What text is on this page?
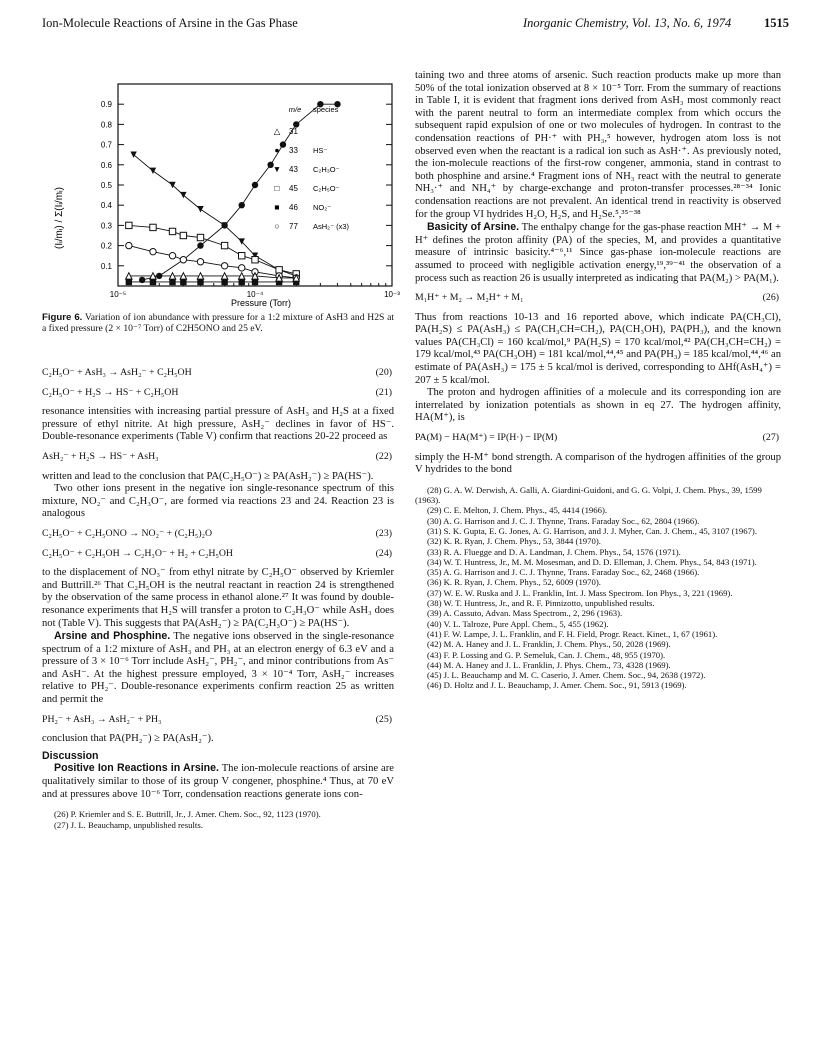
Ion-Molecule Reactions of Arsine in the Gas Phase	Inorganic Chemistry, Vol. 13, No. 6, 1974	1515
0.1
0.2
0.3
0.4
0.5
0.6
0.7
0.8
0.9
10⁻⁵	10⁻⁴	10⁻³
m/e species
△ 31
● 33 HS⁻
▼ 43 C₂H₃O⁻
□ 45 C₂H₅O⁻
■ 46 NO₂⁻
○ 77 AsH₂⁻ (x3)
(Iᵢ/mᵢ) / Σ(Iᵢ/mᵢ)
Pressure (Torr)
Figure 6. Variation of ion abundance with pressure for a 1:2 mixture of AsH3 and H2S at a fixed pressure (2 × 10⁻⁷ Torr) of C2H5ONO and 25 eV.
C₂H₅O⁻ + AsH₃ → AsH₂⁻ + C₂H₅OH	(20)
C₂H₅O⁻ + H₂S → HS⁻ + C₂H₅OH	(21)

resonance intensities with increasing partial pressure of AsH₃ and H₂S at a fixed pressure of ethyl nitrite. At high pressure, AsH₂⁻ declines in favor of HS⁻. Double-resonance experiments (Table V) confirm that reactions 20-22 proceed as

AsH₂⁻ + H₂S → HS⁻ + AsH₃	(22)

written and lead to the conclusion that PA(C₂H₅O⁻) ≥ PA(AsH₂⁻) ≥ PA(HS⁻).

Two other ions present in the negative ion single-resonance spectrum of this mixture, NO₂⁻ and C₂H₃O⁻, are formed via reactions 23 and 24. Reaction 23 is analogous

C₂H₅O⁻ + C₂H₅ONO → NO₂⁻ + (C₂H₅)₂O	(23)
C₂H₅O⁻ + C₂H₅OH → C₂H₃O⁻ + H₂ + C₂H₅OH	(24)

to the displacement of NO₃⁻ from ethyl nitrate by C₂H₅O⁻ observed by Kriemler and Buttrill.²⁶ That C₂H₅OH is the neutral reactant in reaction 24 is strengthened by the observation of the same process in ethanol alone.²⁷ It was found by double-resonance experiments that H₂S will transfer a proton to C₂H₃O⁻ while AsH₃ does not (Table V). This suggests that PA(AsH₂⁻) ≥ PA(C₂H₃O⁻) ≥ PA(HS⁻).

Arsine and Phosphine. The negative ions observed in the single-resonance spectrum of a 1:2 mixture of AsH₃ and PH₃ at an electron energy of 6.3 eV and a pressure of 3 × 10⁻⁶ Torr include AsH₂⁻, PH₂⁻, and minor contributions from As⁻ and AsH⁻. At the highest pressure employed, 3 × 10⁻⁴ Torr, AsH₂⁻ increases relative to PH₂⁻. Double-resonance experiments confirm reaction 25 as written and permit the

PH₂⁻ + AsH₃ → AsH₂⁻ + PH₃	(25)

conclusion that PA(PH₂⁻) ≥ PA(AsH₂⁻).

Discussion

Positive Ion Reactions in Arsine. The ion-molecule reactions of arsine are qualitatively similar to those of its group V congener, phosphine.⁴ Thus, at 70 eV and at pressures above 10⁻⁶ Torr, condensation reactions generate ions con-

(26) P. Kriemler and S. E. Buttrill, Jr., J. Amer. Chem. Soc., 92, 1123 (1970).
(27) J. L. Beauchamp, unpublished results.

taining two and three atoms of arsenic. Such reaction products make up more than 50% of the total ionization observed at 8 × 10⁻⁵ Torr. From the summary of reactions in Table I, it is evident that fragment ions derived from AsH₃ most commonly react with the parent neutral to form an intermediate complex from which occurs the subsequent rapid expulsion of one or two molecules of hydrogen. In contrast to the condensation reactions of PH·⁺ with PH₃,⁵ however, hydrogen atom loss is not observed even when the reactant is a radical ion such as AsH·⁺. As previously noted, the ion-molecule reactions of the first-row congener, ammonia, stand in contrast to both phosphine and arsine.⁴ Fragment ions of NH₃ react with the neutral to generate NH₃·⁺ and NH₄⁺ by charge-exchange and proton-transfer processes.²⁸⁻³⁴ Ionic condensation reactions are not prevalent. An identical trend in reactivity is observed for the group VI hydrides H₂O, H₂S, and H₂Se.⁵,³⁵⁻³⁸

Basicity of Arsine. The enthalpy change for the gas-phase reaction MH⁺ → M + H⁺ defines the proton affinity (PA) of the species, M, and provides a quantitative measure of intrinsic basicity.⁴⁻⁶,¹¹ Since gas-phase ion-molecule reactions are assumed to proceed with negligible activation energy,¹⁹,³⁹⁻⁴¹ the observation of a process such as reaction 26 is usually interpreted as indicating that PA(M₂) > PA(M₁).

M₁H⁺ + M₂ → M₂H⁺ + M₁	(26)

Thus from reactions 10-13 and 16 reported above, which indicate PA(CH₃Cl), PA(H₂S) ≤ PA(AsH₃) ≤ PA(CH₃CH=CH₂), PA(CH₃OH), PA(PH₃), and the known values PA(CH₃Cl) = 160 kcal/mol,⁹ PA(H₂S) = 170 kcal/mol,⁴² PA(CH₃CH=CH₂) = 179 kcal/mol,⁴³ PA(CH₃OH) = 181 kcal/mol,⁴⁴,⁴⁵ and PA(PH₃) = 185 kcal/mol,⁴⁴,⁴⁶ an estimate of PA(AsH₃) = 175 ± 5 kcal/mol is derived, corresponding to ΔHf(AsH₄⁺) = 207 ± 5 kcal/mol.

The proton and hydrogen affinities of a molecule and its corresponding ion are interrelated by ionization potentials as shown in eq 27. The hydrogen affinity, HA(M⁺), is

PA(M) − HA(M⁺) = IP(H·) − IP(M)	(27)

simply the H-M⁺ bond strength. A comparison of the hydrogen affinities of the group V hydrides to the bond

(28) G. A. W. Derwish, A. Galli, A. Giardini-Guidoni, and G. G. Volpi, J. Chem. Phys., 39, 1599 (1963).
(29) C. E. Melton, J. Chem. Phys., 45, 4414 (1966).
(30) A. G. Harrison and J. C. J. Thynne, Trans. Faraday Soc., 62, 2804 (1966).
(31) S. K. Gupta, E. G. Jones, A. G. Harrison, and J. J. Myher, Can. J. Chem., 45, 3107 (1967).
(32) K. R. Ryan, J. Chem. Phys., 53, 3844 (1970).
(33) R. A. Fluegge and D. A. Landman, J. Chem. Phys., 54, 1576 (1971).
(34) W. T. Huntress, Jr., M. M. Mosesman, and D. D. Elleman, J. Chem. Phys., 54, 843 (1971).
(35) A. G. Harrison and J. C. J. Thynne, Trans. Faraday Soc., 62, 2468 (1966).
(36) K. R. Ryan, J. Chem. Phys., 52, 6009 (1970).
(37) W. E. W. Ruska and J. L. Franklin, Int. J. Mass Spectrom. Ion Phys., 3, 221 (1969).
(38) W. T. Huntress, Jr., and R. F. Pinnizotto, unpublished results.
(39) A. Cassuto, Advan. Mass Spectrom., 2, 296 (1963).
(40) V. L. Talroze, Pure Appl. Chem., 5, 455 (1962).
(41) F. W. Lampe, J. L. Franklin, and F. H. Field, Progr. React. Kinet., 1, 67 (1961).
(42) M. A. Haney and J. L. Franklin, J. Chem. Phys., 50, 2028 (1969).
(43) F. P. Lossing and G. P. Semeluk, Can. J. Chem., 48, 955 (1970).
(44) M. A. Haney and J. L. Franklin, J. Phys. Chem., 73, 4328 (1969).
(45) J. L. Beauchamp and M. C. Caserio, J. Amer. Chem. Soc., 94, 2638 (1972).
(46) D. Holtz and J. L. Beauchamp, J. Amer. Chem. Soc., 91, 5913 (1969).
